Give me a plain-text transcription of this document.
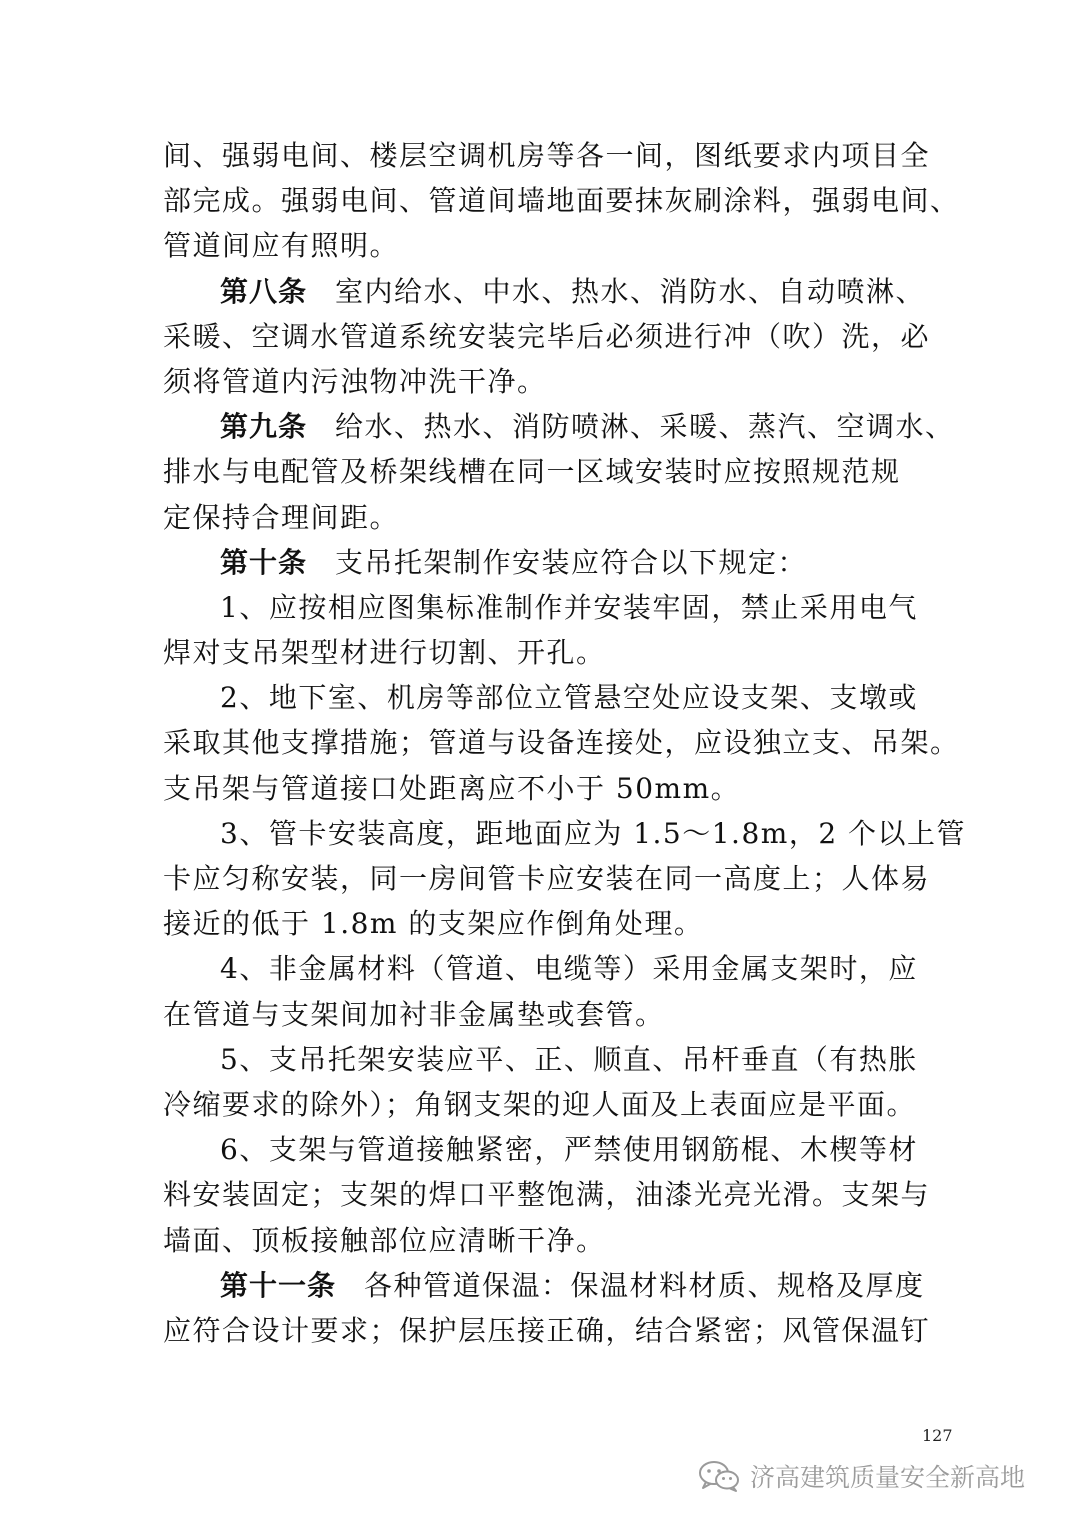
间、强弱电间、楼层空调机房等各一间，图纸要求内项目全
部完成。强弱电间、管道间墙地面要抹灰刷涂料，强弱电间、
管道间应有照明。
第八条 室内给水、中水、热水、消防水、自动喷淋、
采暖、空调水管道系统安装完毕后必须进行冲（吹）洗，必
须将管道内污浊物冲洗干净。
第九条 给水、热水、消防喷淋、采暖、蒸汽、空调水、
排水与电配管及桥架线槽在同一区域安装时应按照规范规
定保持合理间距。
第十条 支吊托架制作安装应符合以下规定：
1、应按相应图集标准制作并安装牢固，禁止采用电气
焊对支吊架型材进行切割、开孔。
2、地下室、机房等部位立管悬空处应设支架、支墩或
采取其他支撑措施；管道与设备连接处，应设独立支、吊架。
支吊架与管道接口处距离应不小于 50mm。
3、管卡安装高度，距地面应为 1.5～1.8m，2 个以上管
卡应匀称安装，同一房间管卡应安装在同一高度上；人体易
接近的低于 1.8m 的支架应作倒角处理。
4、非金属材料（管道、电缆等）采用金属支架时，应
在管道与支架间加衬非金属垫或套管。
5、支吊托架安装应平、正、顺直、吊杆垂直（有热胀
冷缩要求的除外）；角钢支架的迎人面及上表面应是平面。
6、支架与管道接触紧密，严禁使用钢筋棍、木楔等材
料安装固定；支架的焊口平整饱满，油漆光亮光滑。支架与
墙面、顶板接触部位应清晰干净。
第十一条 各种管道保温：保温材料材质、规格及厚度
应符合设计要求；保护层压接正确，结合紧密；风管保温钉
127
济高建筑质量安全新高地
